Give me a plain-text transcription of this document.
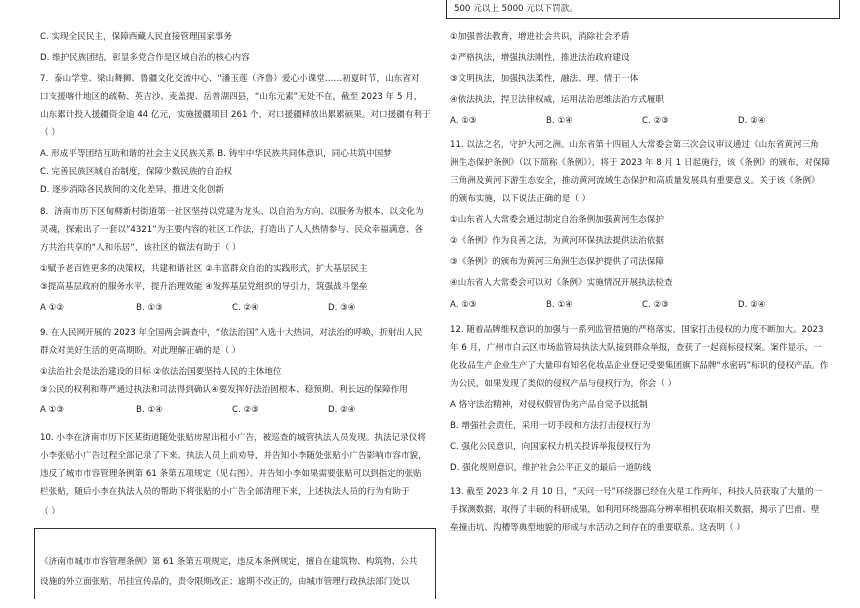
C. 实现全民民主，保障西藏人民直接管理国家事务
D. 维护民族团结，彰显多党合作是区域自治的核心内容
7．泰山学堂、梁山舞狮、鲁疆文化交流中心、“潘玉莲（齐鲁）爱心小课堂……初夏时节，山东省对
口支援喀什地区的疏勒、英吉沙、麦盖提、岳普湖四县，“山东元素”无处不在，截至 2023 年 5 月，
山东累计投入援疆资金逾 44 亿元，实施援疆项目 261 个，对口援疆释放出累累硕果。对口援疆有利于
（ ）
A. 形成平等团结互助和谐的社会主义民族关系 B. 铸牢中华民族共同体意识，同心共筑中国梦
C. 完善民族区域自治制度，保障少数民族的自治权
D. 逐步消除各民族间的文化差异，推进文化创新
8．济南市历下区甸柳新村街道第一社区坚持以党建为龙头、以自治为方向、以服务为根本、以文化为
灵魂，探索出了一套以“4321”为主要内容的社区工作法，打造出了人人热情参与、民众幸福满意、各
方共治共享的“人和乐居”，该社区的做法有助于（ ）
①赋予老百姓更多的决策权，共建和谐社区 ②丰富群众自治的实践形式，扩大基层民主
③提高基层政府的服务水平，提升治理效能 ④发挥基层党组织的导引力，筑强战斗堡垒
A ①②	B. ①③	C. ②④	D. ③④
9. 在人民网开展的 2023 年全国两会调查中，“依法治国”入选十大热词，对法治的呼唤，折射出人民
群众对美好生活的更高期盼。对此理解正确的是（ ）
①法治社会是法治建设的目标 ②依法治国要坚持人民的主体地位
③公民的权利和尊严通过执法和司法得到确认④要发挥好法治固根本、稳预期、利长远的保障作用
A ①③	B. ①④	C. ②③	D. ②④
10. 小李在济南市历下区某街道随处张贴房屋出租小广告，被巡查的城管执法人员发现。执法记录仪将
小李张贴小广告过程全部记录了下来。执法人员上前劝导，并告知小李随处张贴小广告影响市容市貌，
违反了城市市容管理条例第 61 条第五项规定（见右图）。并告知小李如果需要张贴可以到指定的张贴
栏张贴，随后小李在执法人员的帮助下将张贴的小广告全部清理下来，上述执法人员的行为有助于
（ ）
《济南市城市市容管理条例》第 61 条第五项规定，违反本条例规定，擅自在建筑物、构筑物、公共
设施的外立面张贴，吊挂宣传品的，责令限期改正；逾期不改正的，由城市管理行政执法部门处以
500 元以上 5000 元以下罚款。
①加强普法教育，增进社会共识，消除社会矛盾
②严格执法，增强执法刚性，推进法治政府建设
③文明执法，加强执法柔性，融法、理、情于一体
④依法执法，捍卫法律权威，运用法治思维法治方式履职
A. ①③	B. ①④	C. ②③	D. ②④
11. 以法之名，守护大河之洲。山东省第十四届人大常委会第三次会议审议通过《山东省黄河三角
洲生态保护条例》（以下简称《条例》），将于 2023 年 8 月 1 日起施行，该《条例》的颁布，对保障
三角洲及黄河下游生态安全，推动黄河流域生态保护和高质量发展具有重要意义。关于该《条例》
的颁布实施，以下说法正确的是（ ）
①山东省人大常委会通过制定自治条例加强黄河生态保护
②《条例》作为良善之法，为黄河环保执法提供法治依据
③《条例》的颁布为黄河三角洲生态保护提供了司法保障
④山东省人大常委会可以对《条例》实施情况开展执法检查
A. ①③	B. ①④	C. ②③	D. ②④
12. 随着品牌维权意识的加强与一系列监管措施的严格落实，国家打击侵权的力度不断加大。2023
年 6 月，广州市白云区市场监管局执法大队接到群众举报，查获了一起商标侵权案。案件显示，一
化妆品生产企业生产了大量印有知名化妆品企业登记受要集团旗下品牌“水密码”标识的侵权产品。作
为公民，如果发现了类似的侵权产品与侵权行为，你会（ ）
A 恪守法治精神，对侵权假冒伪劣产品自觉予以抵制
B. 增强社会责任，采用一切手段和方法打击侵权行为
C. 强化公民意识，向国家权力机关投诉举报侵权行为
D. 强化规则意识，维护社会公平正义的最后一道防线
13. 截至 2023 年 2 月 10 日，“天问一号”环绕器已经在火星工作两年，科技人员获取了大量的一
手探测数据，取得了丰硕的科研成果，如利用环绕器高分辨率相机获取相关数据，揭示了巴甫、壁
垒撞击坑、沟槽等典型地貌的形成与水活动之间存在的重要联系。这表明（ ）
